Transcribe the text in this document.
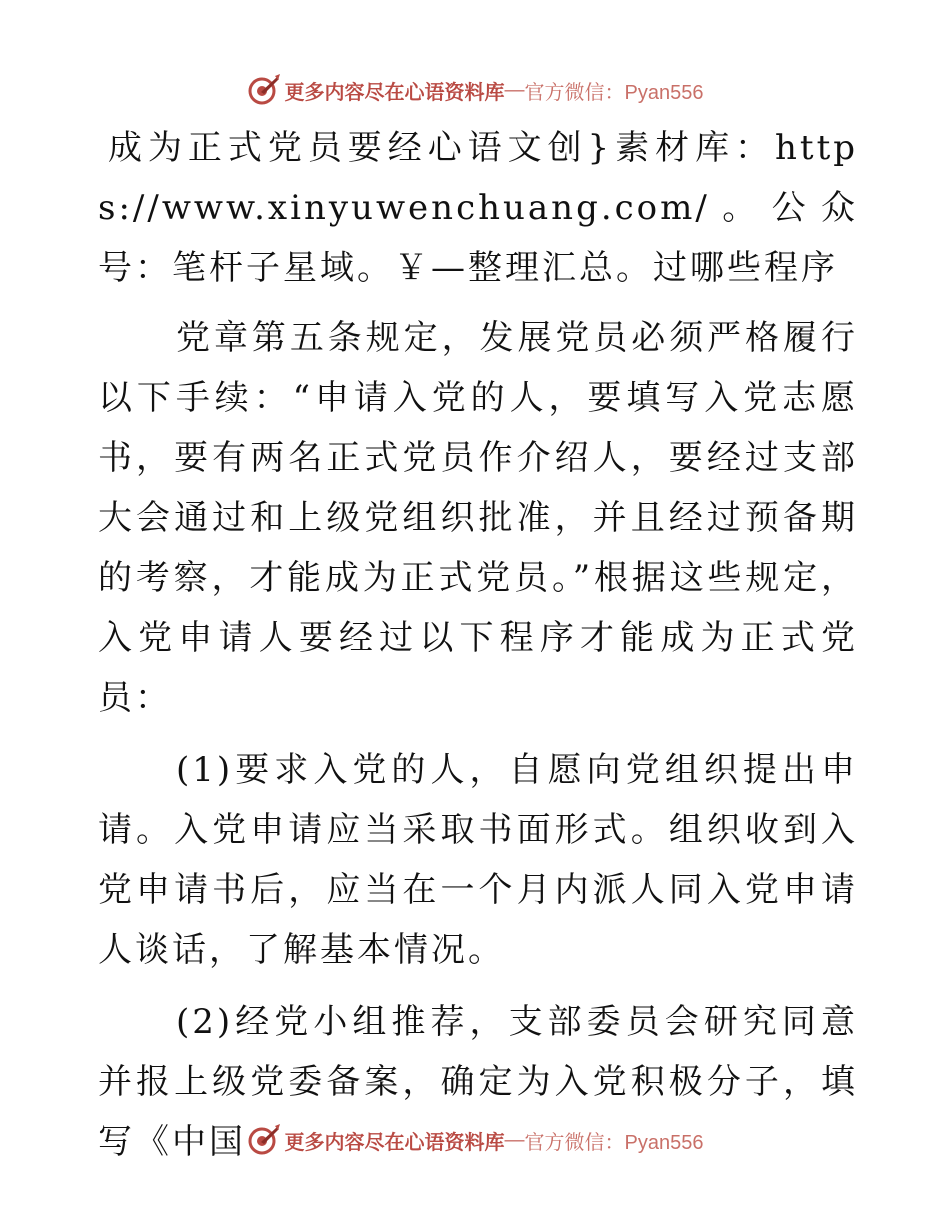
更多内容尽在心语资料库 — 官方微信：Pyan556

成为正式党员要经心语文创}素材库：https://www.xinyuwenchuang.com/。公众号：笔杆子星域。￥—整理汇总。过哪些程序

党章第五条规定，发展党员必须严格履行以下手续：“申请入党的人，要填写入党志愿书，要有两名正式党员作介绍人，要经过支部大会通过和上级党组织批准，并且经过预备期的考察，才能成为正式党员。”根据这些规定，入党申请人要经过以下程序才能成为正式党员：

(1)要求入党的人，自愿向党组织提出申请。入党申请应当采取书面形式。组织收到入党申请书后，应当在一个月内派人同入党申请人谈话，了解基本情况。

(2)经党小组推荐，支部委员会研究同意并报上级党委备案，确定为入党积极分子，填写《中国	更多内容尽在心语资料库 — 官方微信：Pyan556
